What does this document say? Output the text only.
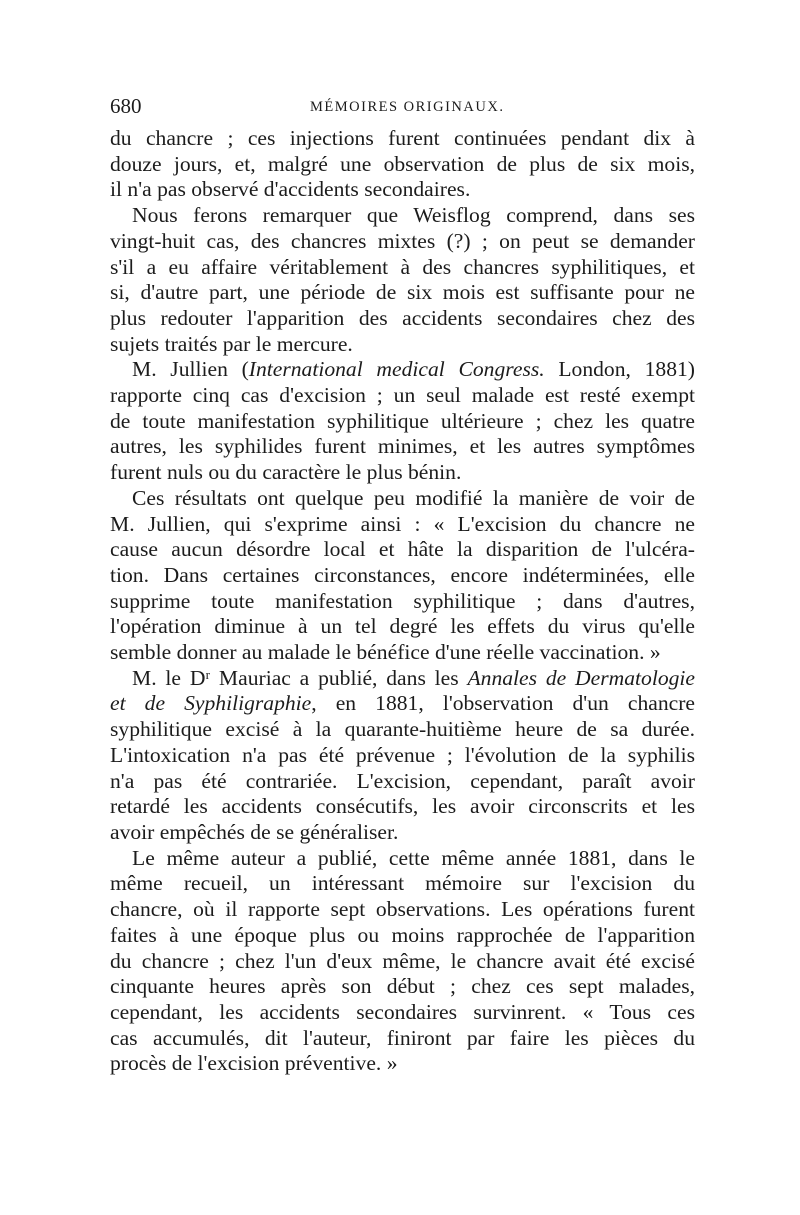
680	MÉMOIRES ORIGINAUX.
du chancre ; ces injections furent continuées pendant dix à
douze jours, et, malgré une observation de plus de six mois,
il n'a pas observé d'accidents secondaires.
Nous ferons remarquer que Weisflog comprend, dans ses
vingt-huit cas, des chancres mixtes (?) ; on peut se demander
s'il a eu affaire véritablement à des chancres syphilitiques, et
si, d'autre part, une période de six mois est suffisante pour ne
plus redouter l'apparition des accidents secondaires chez des
sujets traités par le mercure.
M. Jullien (International medical Congress. London, 1881)
rapporte cinq cas d'excision ; un seul malade est resté exempt
de toute manifestation syphilitique ultérieure ; chez les quatre
autres, les syphilides furent minimes, et les autres symptômes
furent nuls ou du caractère le plus bénin.
Ces résultats ont quelque peu modifié la manière de voir de
M. Jullien, qui s'exprime ainsi : « L'excision du chancre ne
cause aucun désordre local et hâte la disparition de l'ulcéra-
tion. Dans certaines circonstances, encore indéterminées, elle
supprime toute manifestation syphilitique ; dans d'autres,
l'opération diminue à un tel degré les effets du virus qu'elle
semble donner au malade le bénéfice d'une réelle vaccination. »
M. le Dʳ Mauriac a publié, dans les Annales de Dermatologie
et de Syphiligraphie, en 1881, l'observation d'un chancre
syphilitique excisé à la quarante-huitième heure de sa durée.
L'intoxication n'a pas été prévenue ; l'évolution de la syphilis
n'a pas été contrariée. L'excision, cependant, paraît avoir
retardé les accidents consécutifs, les avoir circonscrits et les
avoir empêchés de se généraliser.
Le même auteur a publié, cette même année 1881, dans le
même recueil, un intéressant mémoire sur l'excision du
chancre, où il rapporte sept observations. Les opérations furent
faites à une époque plus ou moins rapprochée de l'apparition
du chancre ; chez l'un d'eux même, le chancre avait été excisé
cinquante heures après son début ; chez ces sept malades,
cependant, les accidents secondaires survinrent. « Tous ces
cas accumulés, dit l'auteur, finiront par faire les pièces du
procès de l'excision préventive. »
